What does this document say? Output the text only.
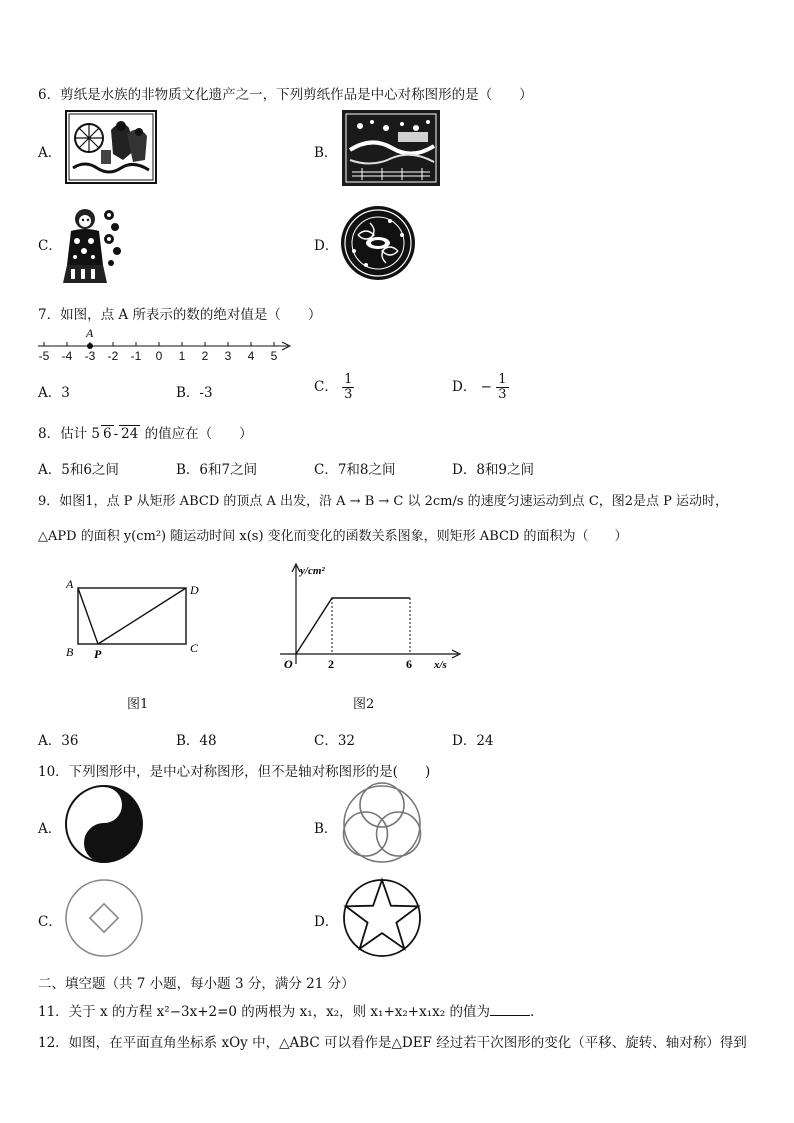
6．剪纸是水族的非物质文化遗产之一，下列剪纸作品是中心对称图形的是（　　）
A．	B．
C．	D．
7．如图，点 A 所表示的数的绝对值是（　　）
-5 -4 -3 -2 -1 0 1 2 3 4 5
A
A．3	B．-3	C． $\frac{1}{3}$	D． − $\frac{1}{3}$
8．估计 5 6 - 24 的值应在（　　）
A．5和6之间	B．6和7之间	C．7和8之间	D．8和9之间
9．如图1，点 P 从矩形 ABCD 的顶点 A 出发，沿 A → B → C 以 2cm/s 的速度匀速运动到点 C，图2是点 P 运动时，
△APD 的面积 y(cm²) 随运动时间 x(s) 变化而变化的函数关系图象，则矩形 ABCD 的面积为（　　）
A
B	C
D
P
图1
y/cm²
x/s
O	2	6
图2
A．36	B．48	C．32	D．24
10．下列图形中，是中心对称图形，但不是轴对称图形的是(　　)
A．	B．
C．	D．
二、填空题（共 7 小题，每小题 3 分，满分 21 分）
11．关于 x 的方程 x²−3x+2=0 的两根为 x₁，x₂，则 x₁+x₂+x₁x₂ 的值为	.
12．如图，在平面直角坐标系 xOy 中，△ABC 可以看作是△DEF 经过若干次图形的变化（平移、旋转、轴对称）得到
